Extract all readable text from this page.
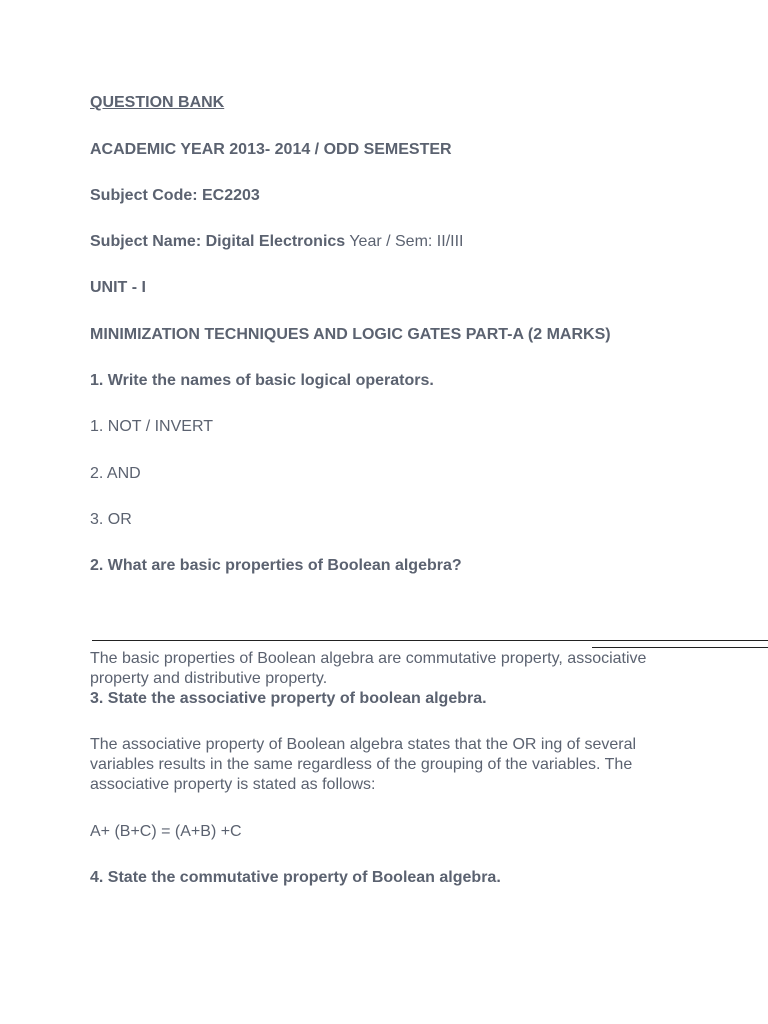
QUESTION BANK
ACADEMIC YEAR 2013- 2014 / ODD SEMESTER
Subject Code: EC2203
Subject Name: Digital Electronics Year / Sem: II/III
UNIT - I
MINIMIZATION TECHNIQUES AND LOGIC GATES PART-A (2 MARKS)
1. Write the names of basic logical operators.
1. NOT / INVERT
2. AND
3. OR
2. What are basic properties of Boolean algebra?
The basic properties of Boolean algebra are commutative property, associative property and distributive property.
3. State the associative property of boolean algebra.
The associative property of Boolean algebra states that the OR ing of several variables results in the same regardless of the grouping of the variables. The associative property is stated as follows:
A+ (B+C) = (A+B) +C
4. State the commutative property of Boolean algebra.
